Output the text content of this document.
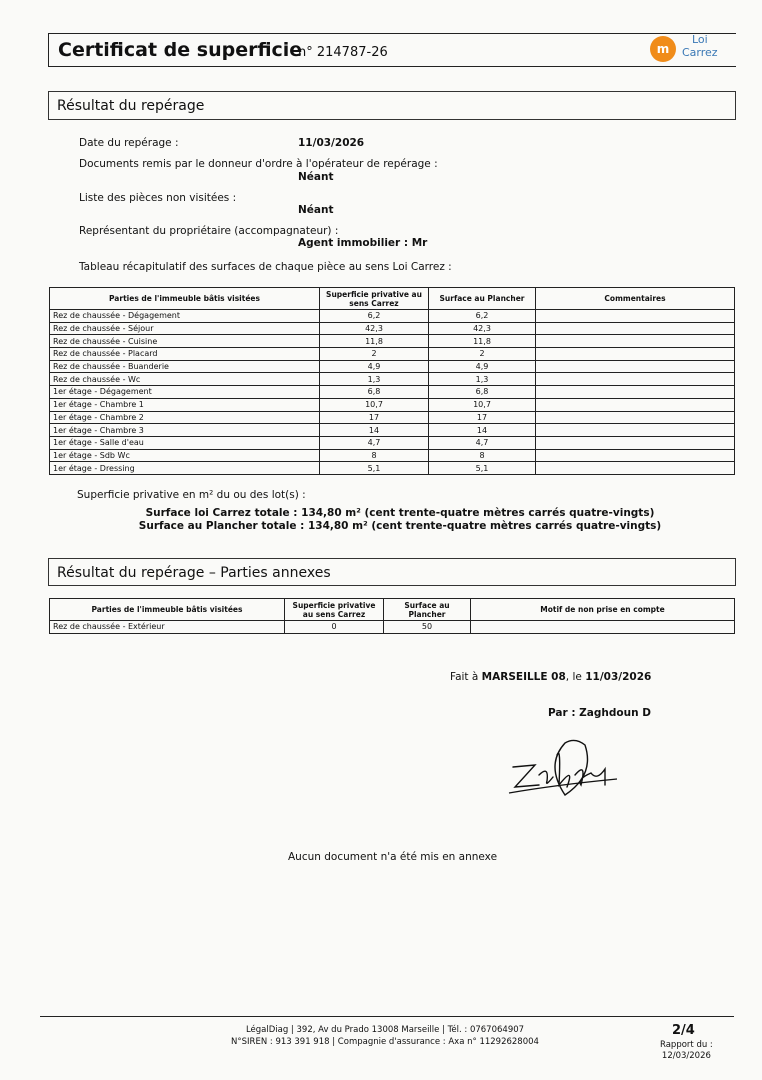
Certificat de superficie
n° 214787-26	m
Loi
Carrez
Résultat du repérage
Date du repérage :	11/03/2026
Documents remis par le donneur d'ordre à l'opérateur de repérage :
Néant
Liste des pièces non visitées :
Néant
Représentant du propriétaire (accompagnateur) :
Agent immobilier : Mr
Tableau récapitulatif des surfaces de chaque pièce au sens Loi Carrez :
Parties de l'immeuble bâtis visitées	Superficie privative au sens Carrez	Surface au Plancher	Commentaires
Rez de chaussée - Dégagement	6,2	6,2	
Rez de chaussée - Séjour	42,3	42,3	
Rez de chaussée - Cuisine	11,8	11,8	
Rez de chaussée - Placard	2	2	
Rez de chaussée - Buanderie	4,9	4,9	
Rez de chaussée - Wc	1,3	1,3	
1er étage - Dégagement	6,8	6,8	
1er étage - Chambre 1	10,7	10,7	
1er étage - Chambre 2	17	17	
1er étage - Chambre 3	14	14	
1er étage - Salle d'eau	4,7	4,7	
1er étage - Sdb Wc	8	8	
1er étage - Dressing	5,1	5,1	
Superficie privative en m² du ou des lot(s) :
Surface loi Carrez totale : 134,80 m² (cent trente-quatre mètres carrés quatre-vingts)
Surface au Plancher totale : 134,80 m² (cent trente-quatre mètres carrés quatre-vingts)
Résultat du repérage – Parties annexes
Parties de l'immeuble bâtis visitées	Superficie privative au sens Carrez	Surface au Plancher	Motif de non prise en compte
Rez de chaussée - Extérieur	0	50	
Fait à MARSEILLE 08, le 11/03/2026
Par : Zaghdoun D
Aucun document n'a été mis en annexe
LégalDiag | 392, Av du Prado 13008 Marseille | Tél. : 0767064907
N°SIREN : 913 391 918 | Compagnie d'assurance : Axa n° 11292628004
2/4
Rapport du :
12/03/2026
